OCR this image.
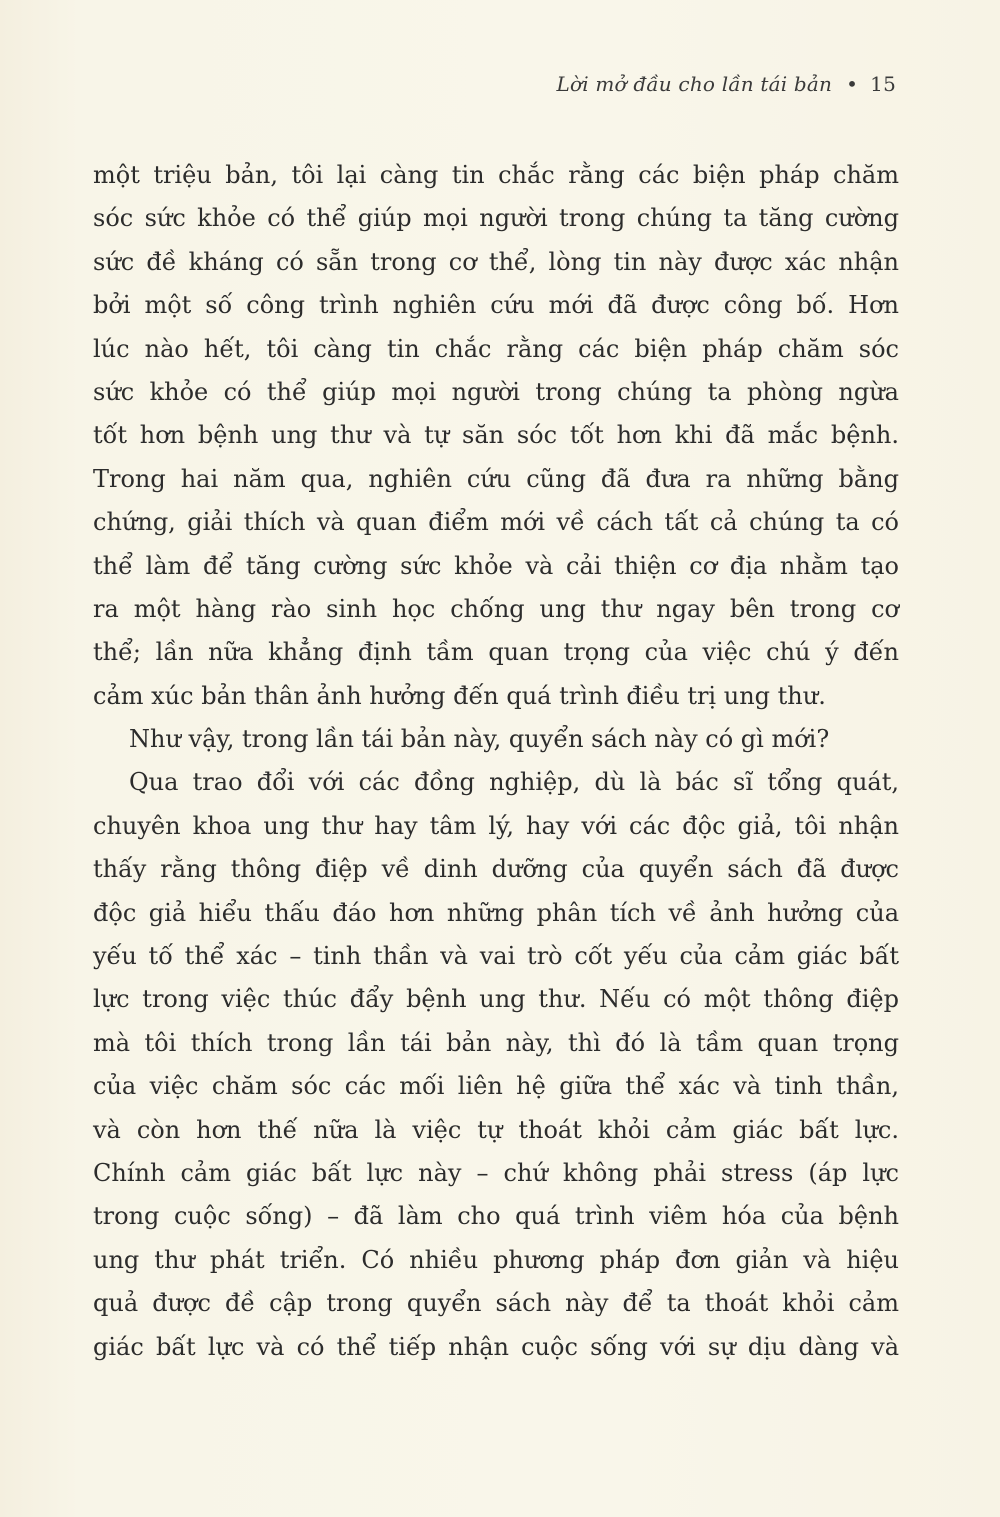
Lời mở đầu cho lần tái bản • 15
một triệu bản, tôi lại càng tin chắc rằng các biện pháp chăm
sóc sức khỏe có thể giúp mọi người trong chúng ta tăng cường
sức đề kháng có sẵn trong cơ thể, lòng tin này được xác nhận
bởi một số công trình nghiên cứu mới đã được công bố. Hơn
lúc nào hết, tôi càng tin chắc rằng các biện pháp chăm sóc
sức khỏe có thể giúp mọi người trong chúng ta phòng ngừa
tốt hơn bệnh ung thư và tự săn sóc tốt hơn khi đã mắc bệnh.
Trong hai năm qua, nghiên cứu cũng đã đưa ra những bằng
chứng, giải thích và quan điểm mới về cách tất cả chúng ta có
thể làm để tăng cường sức khỏe và cải thiện cơ địa nhằm tạo
ra một hàng rào sinh học chống ung thư ngay bên trong cơ
thể; lần nữa khẳng định tầm quan trọng của việc chú ý đến
cảm xúc bản thân ảnh hưởng đến quá trình điều trị ung thư.
Như vậy, trong lần tái bản này, quyển sách này có gì mới?
Qua trao đổi với các đồng nghiệp, dù là bác sĩ tổng quát,
chuyên khoa ung thư hay tâm lý, hay với các độc giả, tôi nhận
thấy rằng thông điệp về dinh dưỡng của quyển sách đã được
độc giả hiểu thấu đáo hơn những phân tích về ảnh hưởng của
yếu tố thể xác – tinh thần và vai trò cốt yếu của cảm giác bất
lực trong việc thúc đẩy bệnh ung thư. Nếu có một thông điệp
mà tôi thích trong lần tái bản này, thì đó là tầm quan trọng
của việc chăm sóc các mối liên hệ giữa thể xác và tinh thần,
và còn hơn thế nữa là việc tự thoát khỏi cảm giác bất lực.
Chính cảm giác bất lực này – chứ không phải stress (áp lực
trong cuộc sống) – đã làm cho quá trình viêm hóa của bệnh
ung thư phát triển. Có nhiều phương pháp đơn giản và hiệu
quả được đề cập trong quyển sách này để ta thoát khỏi cảm
giác bất lực và có thể tiếp nhận cuộc sống với sự dịu dàng và
